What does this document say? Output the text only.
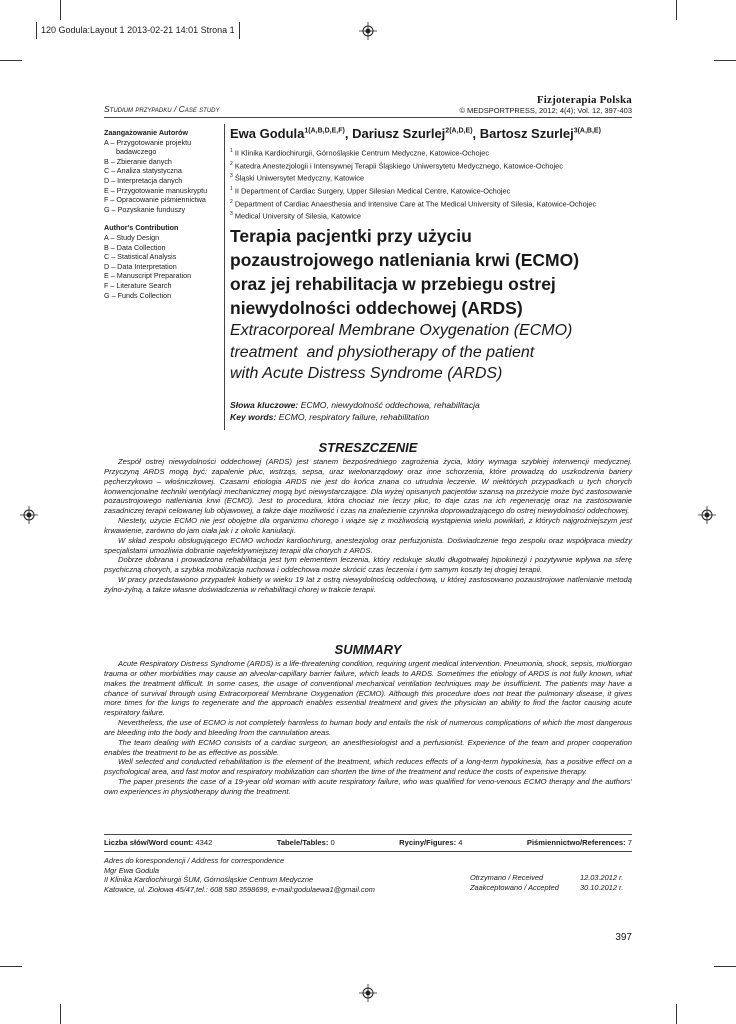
120 Godula:Layout 1 2013-02-21 14:01 Strona 1
Fizjoterapia Polska
Studium przypadku / Case study	© MEDSPORTPRESS, 2012; 4(4); Vol. 12, 397-403
Zaangażowanie Autorów
A – Przygotowanie projektu
badawczego
B – Zbieranie danych
C – Analiza statystyczna
D – Interpretacja danych
E – Przygotowanie manuskryptu
F – Opracowanie piśmiennictwa
G – Pozyskanie funduszy
Author's Contribution
A – Study Design
B – Data Collection
C – Statistical Analysis
D – Data Interpretation
E – Manuscript Preparation
F – Literature Search
G – Funds Collection
Ewa Godula$^{1(A,B,D,E,F)}$, Dariusz Szurlej$^{2(A,D,E)}$, Bartosz Szurlej$^{3(A,B,E)}$
$^1$ II Klinika Kardiochirurgii, Górnośląskie Centrum Medyczne, Katowice-Ochojec
$^2$ Katedra Anestezjologii i Intensywnej Terapii Śląskiego Uniwersytetu Medycznego, Katowice-Ochojec
$^3$ Śląski Uniwersytet Medyczny, Katowice
$^1$ II Department of Cardiac Surgery, Upper Silesian Medical Centre, Katowice-Ochojec
$^2$ Department of Cardiac Anaesthesia and Intensive Care at The Medical University of Silesia, Katowice-Ochojec
$^3$ Medical University of Silesia, Katowice
Terapia pacjentki przy użyciu
pozaustrojowego natleniania krwi (ECMO)
oraz jej rehabilitacja w przebiegu ostrej
niewydolności oddechowej (ARDS)
Extracorporeal Membrane Oxygenation (ECMO)
treatment  and physiotherapy of the patient
with Acute Distress Syndrome (ARDS)
Słowa kluczowe: ECMO, niewydolność oddechowa, rehabilitacja
Key words: ECMO, respiratory failure, rehabilitation
STRESZCZENIE

Zespół ostrej niewydolności oddechowej (ARDS) jest stanem bezpośredniego zagrożenia życia, który wymaga szybkiej interwencji medycznej. Przyczyną ARDS mogą być: zapalenie płuc, wstrząs, sepsa, uraz wielonarządowy oraz inne schorzenia, które prowadzą do uszkodzenia bariery pęcherzykowo – włośniczkowej. Czasami etiologia ARDS nie jest do końca znana co utrudnia leczenie. W niektórych przypadkach u tych chorych konwencjonalne techniki wentylacji mechanicznej mogą być niewystarczające. Dla wyżej opisanych pacjentów szansą na przeżycie może być zastosowanie pozaustrojowego natleniania krwi (ECMO). Jest to procedura, która chociaż nie leczy płuc, to daje czas na ich regenerację oraz na zastosowanie zasadniczej terapii celowanej lub objawowej, a także daje możliwość i czas na znalezienie czynnika doprowadzającego do ostrej niewydolności oddechowej.

Niestety, użycie ECMO nie jest obojętne dla organizmu chorego i wiąże się z możliwością wystąpienia wielu powikłań, z których najgroźniejszym jest krwawienie, zarówno do jam ciała jak i z okolic kaniulacji.

W skład zespołu obsługującego ECMO wchodzi kardiochirurg, anestezjolog oraz perfuzjonista. Doświadczenie tego zespołu oraz współpraca miedzy specjalistami umożliwia dobranie najefektywniejszej terapii dla chorych z ARDS.

Dobrze dobrana i prowadzona rehabilitacja jest tym elementem leczenia, który redukuje skutki długotrwałej hipokinezji i pozytywnie wpływa na sferę psychiczną chorych, a szybka mobilizacja ruchowa i oddechowa może skrócić czas leczenia i tym samym koszty tej drogiej terapii.

W pracy przedstawiono przypadek kobiety w wieku 19 lat z ostrą niewydolnością oddechową, u której zastosowano pozaustrojowe natlenianie metodą żylno-żylną, a także własne doświadczenia w rehabilitacji chorej w trakcie terapii.

SUMMARY

Acute Respiratory Distress Syndrome (ARDS) is a life-threatening condition, requiring urgent medical intervention. Pneumonia, shock, sepsis, multiorgan trauma or other morbidities may cause an alveolar-capillary barrier failure, which leads to ARDS. Sometimes the etiology of ARDS is not fully known, what makes the treatment difficult. In some cases, the usage of conventional mechanical ventilation techniques may be insufficient. The patients may have a chance of survival through using Extracorporeal Membrane Oxygenation (ECMO). Although this procedure does not treat the pulmonary disease, it gives more times for the lungs to regenerate and the approach enables essential treatment and gives the physician an ability to find the factor causing acute respiratory failure.

Nevertheless, the use of ECMO is not completely harmless to human body and entails the risk of numerous complications of which the most dangerous are bleeding into the body and bleeding from the cannulation areas.

The team dealing with ECMO consists of a cardiac surgeon, an anesthesiologist and a perfusionist. Experience of the team and proper cooperation enables the treatment to be as effective as possible.

Well selected and conducted rehabilitation is the element of the treatment, which reduces effects of a long-term hypokinesia, has a positive effect on a psychological area, and fast motor and respiratory mobilization can shorten the time of the treatment and reduce the costs of expensive therapy.

The paper presents the case of a 19-year old woman with acute respiratory failure, who was qualified for veno-venous ECMO therapy and the authors' own experiences in physiotherapy during the treatment.

Liczba słów/Word count: 4342	Tabele/Tables: 0	Ryciny/Figures: 4	Piśmiennictwo/References: 7
Adres do korespondencji / Address for correspondence
Mgr Ewa Godula
II Klinika Kardiochirurgii ŚUM, Górnośląskie Centrum Medyczne
Katowice, ul. Ziołowa 45/47,tel.: 608 580 3598699, e-mail:godulaewa1@gmail.com
Otrzymano / Received	12.03.2012 r.
Zaakceptowano / Accepted	30.10.2012 r.
397
